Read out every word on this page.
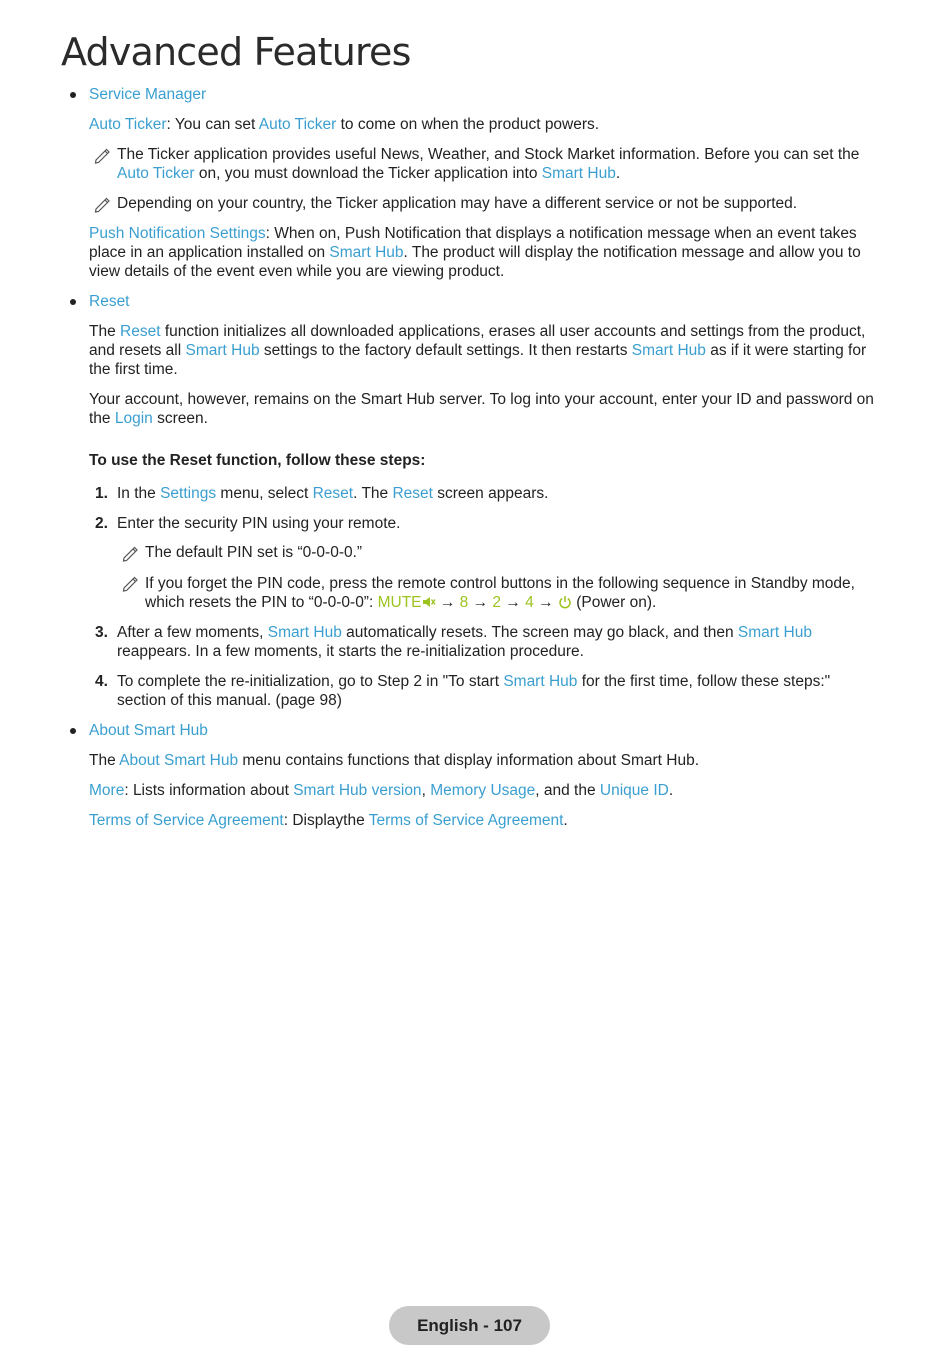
Advanced Features

Service Manager

Auto Ticker: You can set Auto Ticker to come on when the product powers.

The Ticker application provides useful News, Weather, and Stock Market information. Before you can set the Auto Ticker on, you must download the Ticker application into Smart Hub.

Depending on your country, the Ticker application may have a different service or not be supported.

Push Notification Settings: When on, Push Notification that displays a notification message when an event takes place in an application installed on Smart Hub. The product will display the notification message and allow you to view details of the event even while you are viewing product.

Reset

The Reset function initializes all downloaded applications, erases all user accounts and settings from the product, and resets all Smart Hub settings to the factory default settings. It then restarts Smart Hub as if it were starting for the first time.

Your account, however, remains on the Smart Hub server. To log into your account, enter your ID and password on the Login screen.

To use the Reset function, follow these steps:

1. In the Settings menu, select Reset. The Reset screen appears.

2. Enter the security PIN using your remote.

The default PIN set is “0-0-0-0.”

If you forget the PIN code, press the remote control buttons in the following sequence in Standby mode, which resets the PIN to “0-0-0-0”: MUTE → 8 → 2 → 4 →  (Power on).

3. After a few moments, Smart Hub automatically resets. The screen may go black, and then Smart Hub reappears. In a few moments, it starts the re-initialization procedure.

4. To complete the re-initialization, go to Step 2 in "To start Smart Hub for the first time, follow these steps:" section of this manual. (page 98)

About Smart Hub

The About Smart Hub menu contains functions that display information about Smart Hub.

More: Lists information about Smart Hub version, Memory Usage, and the Unique ID.

Terms of Service Agreement: Displaythe Terms of Service Agreement.

English - 107
